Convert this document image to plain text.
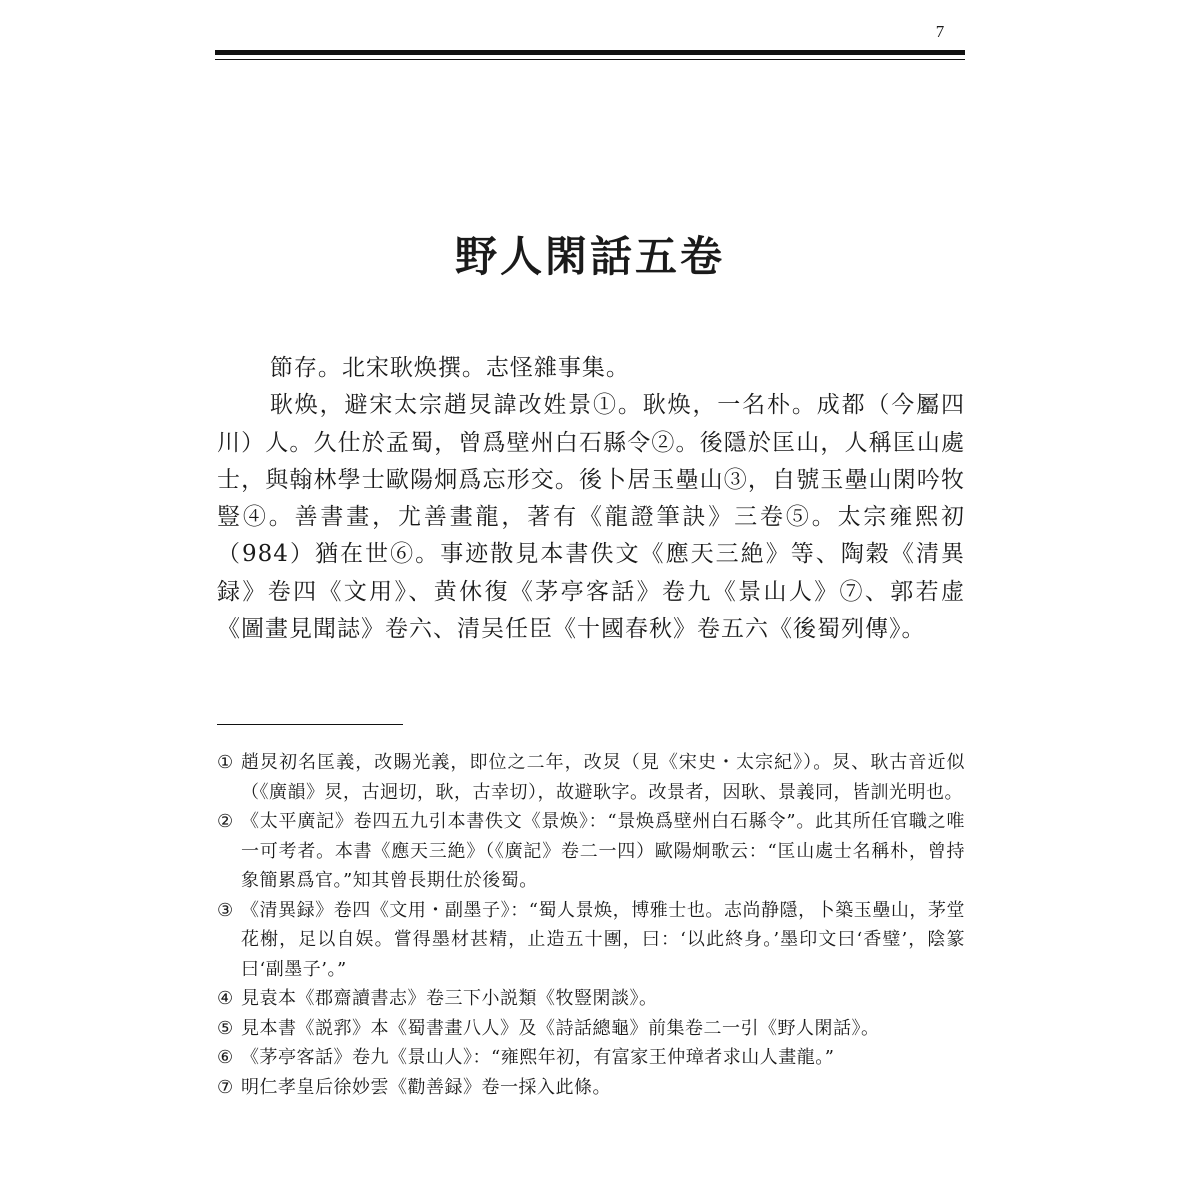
7
野人閑話五卷

節存。北宋耿焕撰。志怪雜事集。

耿焕，避宋太宗趙炅諱改姓景①。耿焕，一名朴。成都（今屬四川）人。久仕於孟蜀，曾爲壁州白石縣令②。後隱於匡山，人稱匡山處士，與翰林學士歐陽炯爲忘形交。後卜居玉壘山③，自號玉壘山閑吟牧豎④。善書畫，尤善畫龍，著有《龍證筆訣》三卷⑤。太宗雍熙初（984）猶在世⑥。事迹散見本書佚文《應天三絶》等、陶穀《清異録》卷四《文用》、黄休復《茅亭客話》卷九《景山人》⑦、郭若虚《圖畫見聞誌》卷六、清吴任臣《十國春秋》卷五六《後蜀列傳》。

① 趙炅初名匡義，改賜光義，即位之二年，改炅（見《宋史・太宗紀》）。炅、耿古音近似（《廣韻》炅，古迥切，耿，古幸切），故避耿字。改景者，因耿、景義同，皆訓光明也。
② 《太平廣記》卷四五九引本書佚文《景焕》：“景焕爲壁州白石縣令”。此其所任官職之唯一可考者。本書《應天三絶》（《廣記》卷二一四）歐陽炯歌云：“匡山處士名稱朴，曾持象簡累爲官。”知其曾長期仕於後蜀。
③ 《清異録》卷四《文用・副墨子》：“蜀人景焕，博雅士也。志尚静隱，卜築玉壘山，茅堂花榭，足以自娱。嘗得墨材甚精，止造五十團，曰：‘以此終身。’墨印文曰‘香璧’，陰篆曰‘副墨子’。”
④ 見袁本《郡齋讀書志》卷三下小説類《牧豎閑談》。
⑤ 見本書《説郛》本《蜀書畫八人》及《詩話總龜》前集卷二一引《野人閑話》。
⑥ 《茅亭客話》卷九《景山人》：“雍熙年初，有富家王仲璋者求山人畫龍。”
⑦ 明仁孝皇后徐妙雲《勸善録》卷一採入此條。
